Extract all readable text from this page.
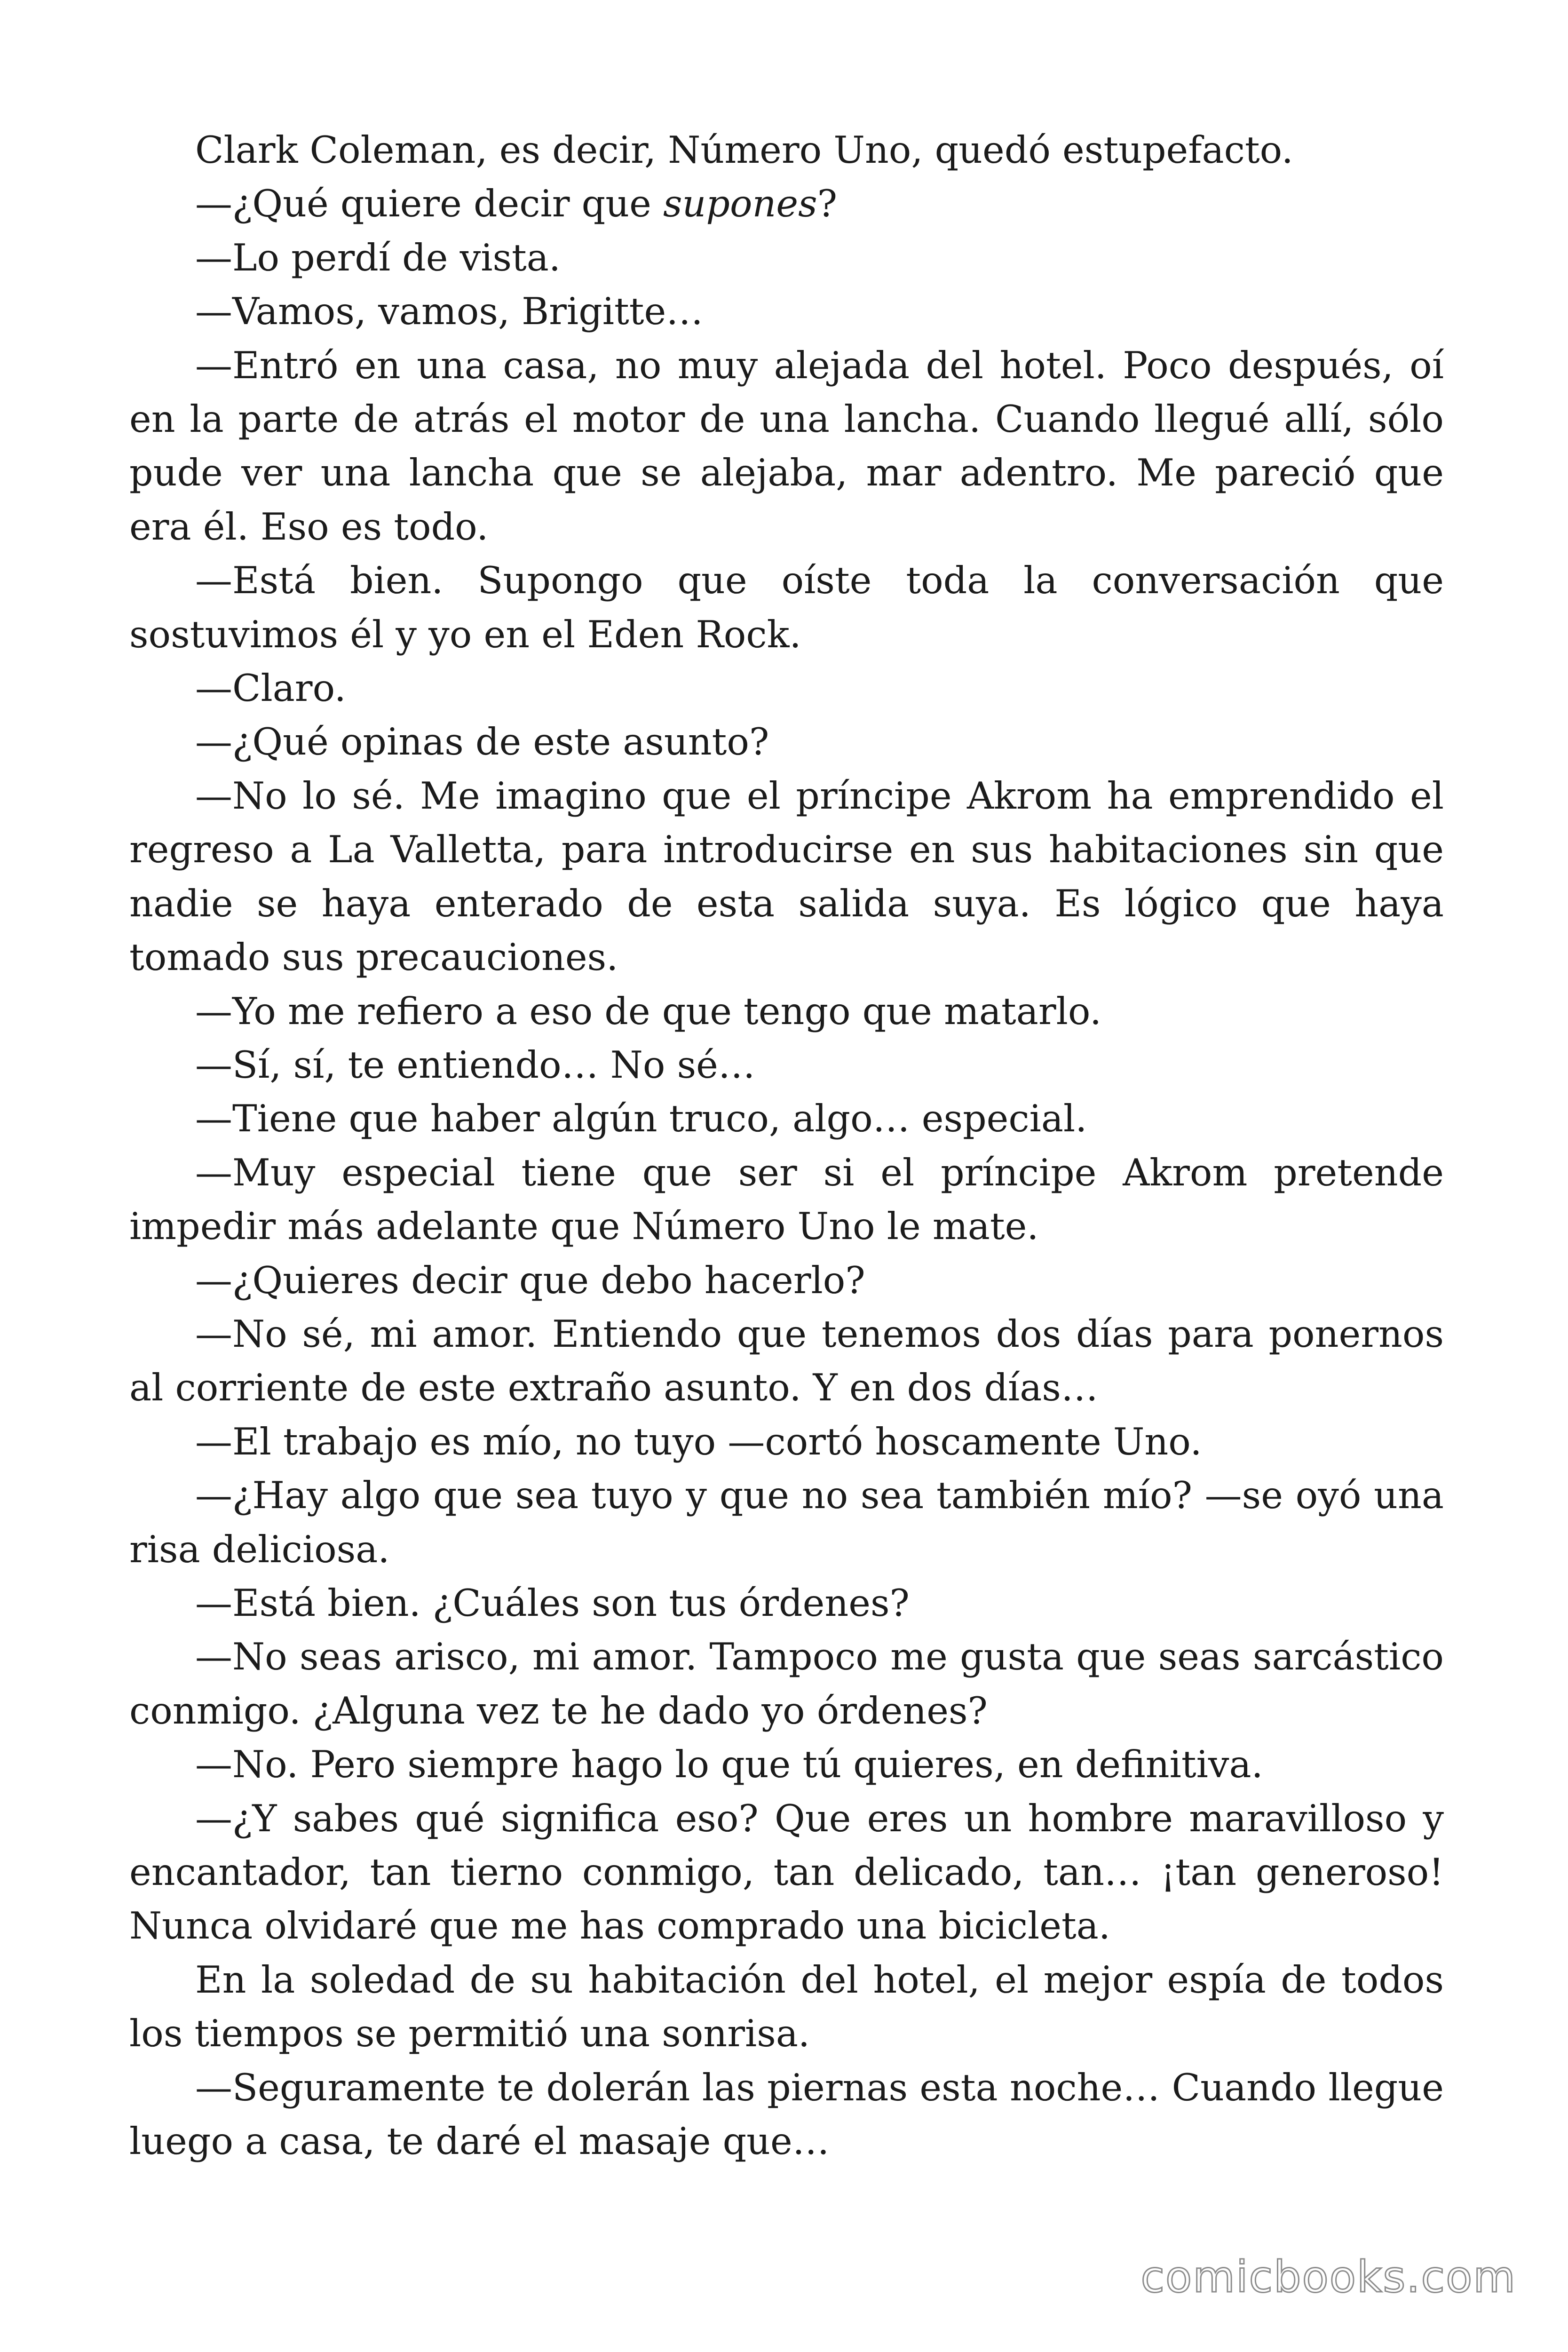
Clark Coleman, es decir, Número Uno, quedó estupefacto.

—¿Qué quiere decir que supones?

—Lo perdí de vista.

—Vamos, vamos, Brigitte…

—Entró en una casa, no muy alejada del hotel. Poco después, oí en la parte de atrás el motor de una lancha. Cuando llegué allí, sólo pude ver una lancha que se alejaba, mar adentro. Me pareció que era él. Eso es todo.

—Está bien. Supongo que oíste toda la conversación que sostuvimos él y yo en el Eden Rock.

—Claro.

—¿Qué opinas de este asunto?

—No lo sé. Me imagino que el príncipe Akrom ha emprendido el regreso a La Valletta, para introducirse en sus habitaciones sin que nadie se haya enterado de esta salida suya. Es lógico que haya tomado sus precauciones.

—Yo me refiero a eso de que tengo que matarlo.

—Sí, sí, te entiendo… No sé…

—Tiene que haber algún truco, algo… especial.

—Muy especial tiene que ser si el príncipe Akrom pretende impedir más adelante que Número Uno le mate.

—¿Quieres decir que debo hacerlo?

—No sé, mi amor. Entiendo que tenemos dos días para ponernos al corriente de este extraño asunto. Y en dos días…

—El trabajo es mío, no tuyo —cortó hoscamente Uno.

—¿Hay algo que sea tuyo y que no sea también mío? —se oyó una risa deliciosa.

—Está bien. ¿Cuáles son tus órdenes?

—No seas arisco, mi amor. Tampoco me gusta que seas sarcástico conmigo. ¿Alguna vez te he dado yo órdenes?

—No. Pero siempre hago lo que tú quieres, en definitiva.

—¿Y sabes qué significa eso? Que eres un hombre maravilloso y encantador, tan tierno conmigo, tan delicado, tan… ¡tan generoso! Nunca olvidaré que me has comprado una bicicleta.

En la soledad de su habitación del hotel, el mejor espía de todos los tiempos se permitió una sonrisa.

—Seguramente te dolerán las piernas esta noche… Cuando llegue luego a casa, te daré el masaje que…

comicbooks.com
